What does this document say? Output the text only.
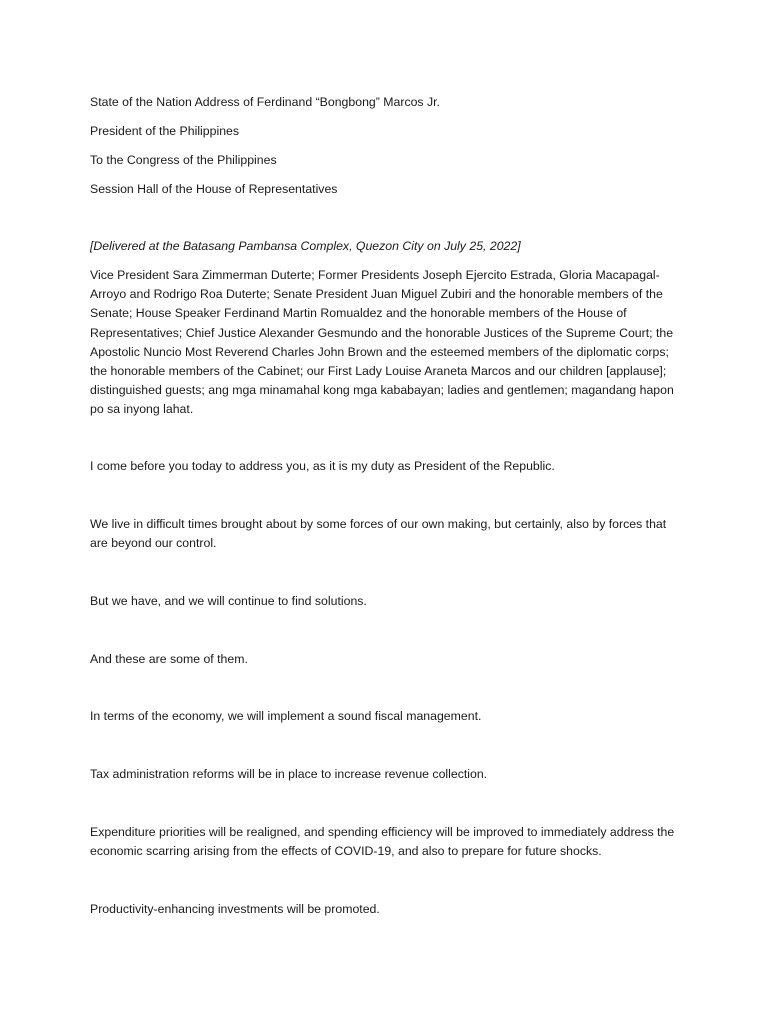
State of the Nation Address of Ferdinand “Bongbong” Marcos Jr.

President of the Philippines

To the Congress of the Philippines

Session Hall of the House of Representatives

[Delivered at the Batasang Pambansa Complex, Quezon City on July 25, 2022]

Vice President Sara Zimmerman Duterte; Former Presidents Joseph Ejercito Estrada, Gloria Macapagal-Arroyo and Rodrigo Roa Duterte; Senate President Juan Miguel Zubiri and the honorable members of the Senate; House Speaker Ferdinand Martin Romualdez and the honorable members of the House of Representatives; Chief Justice Alexander Gesmundo and the honorable Justices of the Supreme Court; the Apostolic Nuncio Most Reverend Charles John Brown and the esteemed members of the diplomatic corps; the honorable members of the Cabinet; our First Lady Louise Araneta Marcos and our children [applause]; distinguished guests; ang mga minamahal kong mga kababayan; ladies and gentlemen; magandang hapon po sa inyong lahat.

I come before you today to address you, as it is my duty as President of the Republic.

We live in difficult times brought about by some forces of our own making, but certainly, also by forces that are beyond our control.

But we have, and we will continue to find solutions.

And these are some of them.

In terms of the economy, we will implement a sound fiscal management.

Tax administration reforms will be in place to increase revenue collection.

Expenditure priorities will be realigned, and spending efficiency will be improved to immediately address the economic scarring arising from the effects of COVID-19, and also to prepare for future shocks.

Productivity-enhancing investments will be promoted.
